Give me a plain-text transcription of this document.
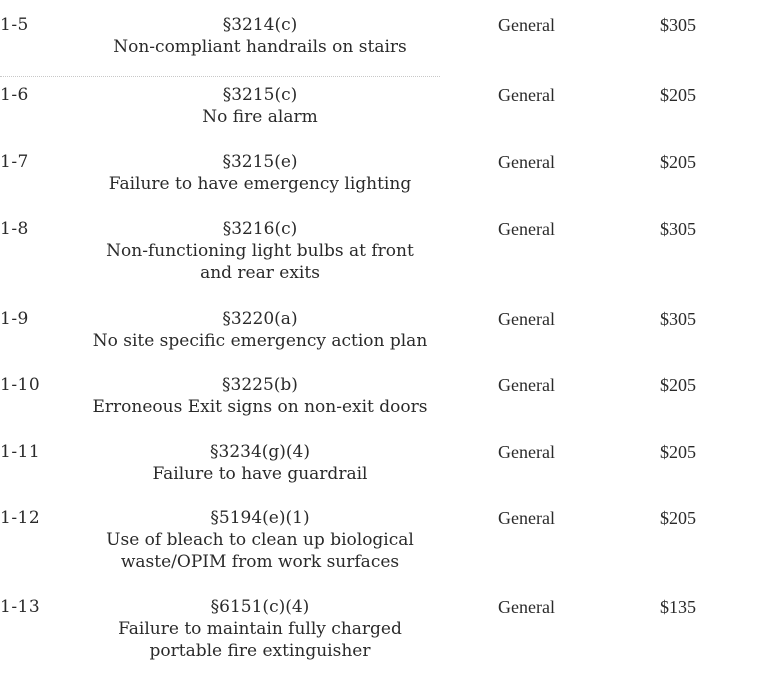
1-5	§3214(c)
Non-compliant handrails on stairs
General	$305
1-6	§3215(c)
No fire alarm
General	$205
1-7	§3215(e)
Failure to have emergency lighting
General	$205
1-8	§3216(c)
Non-functioning light bulbs at front
and rear exits
General	$305
1-9	§3220(a)
No site specific emergency action plan
General	$305
1-10	§3225(b)
Erroneous Exit signs on non-exit doors
General	$205
1-11	§3234(g)(4)
Failure to have guardrail
General	$205
1-12	§5194(e)(1)
Use of bleach to clean up biological
waste/OPIM from work surfaces
General	$205
1-13	§6151(c)(4)
Failure to maintain fully charged
portable fire extinguisher
General	$135
